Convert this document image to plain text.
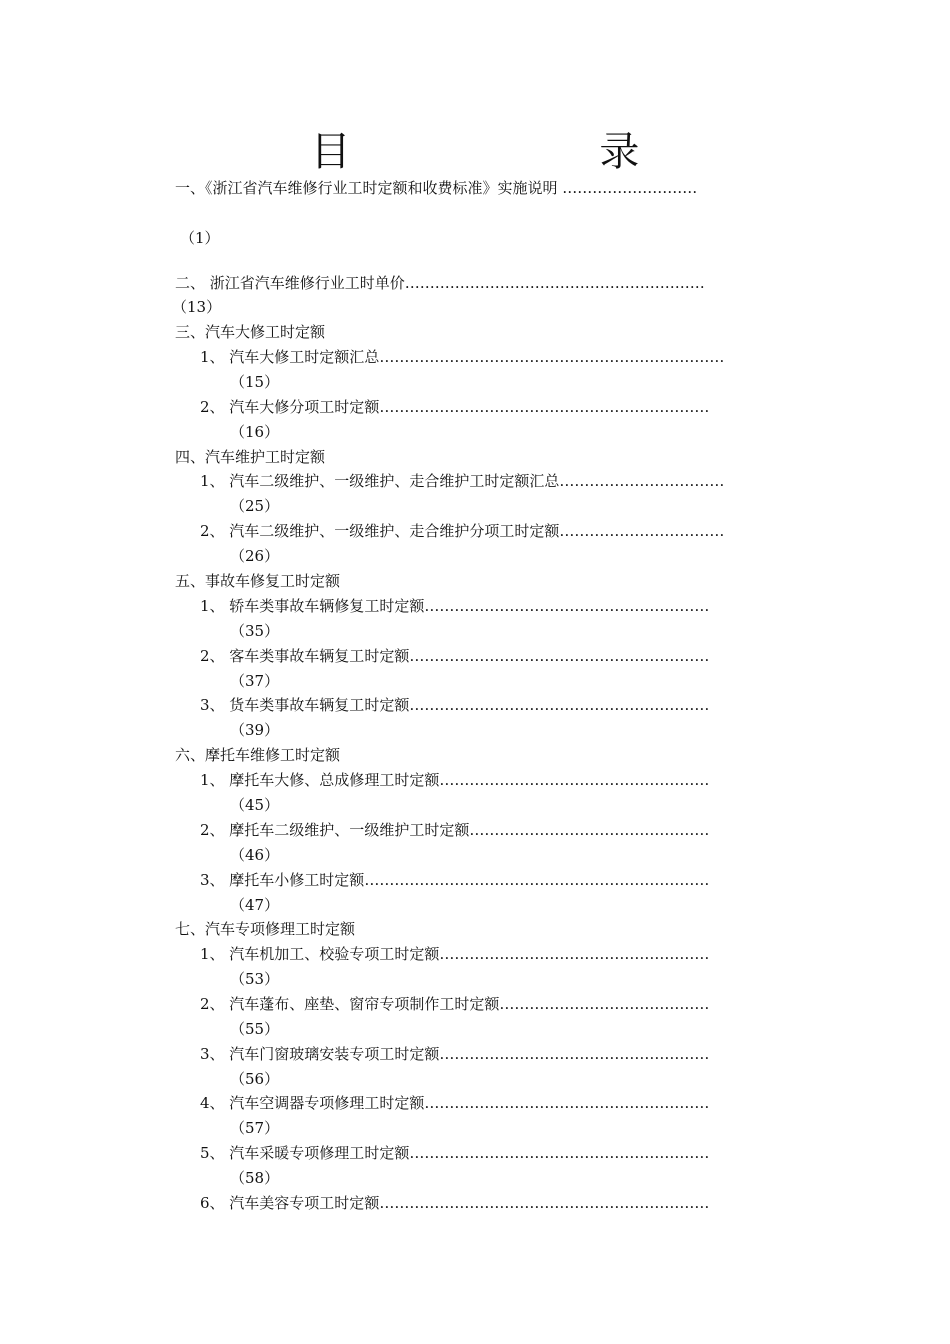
目 录
一、《浙江省汽车维修行业工时定额和收费标准》实施说明 ………………………
（1）
二、 浙江省汽车维修行业工时单价……………………………………………………
（13）
三、汽车大修工时定额
1、 汽车大修工时定额汇总……………………………………………………………
（15）
2、 汽车大修分项工时定额…………………………………………………………
（16）
四、汽车维护工时定额
1、 汽车二级维护、一级维护、走合维护工时定额汇总……………………………
（25）
2、 汽车二级维护、一级维护、走合维护分项工时定额……………………………
（26）
五、事故车修复工时定额
1、 轿车类事故车辆修复工时定额…………………………………………………
（35）
2、 客车类事故车辆复工时定额……………………………………………………
（37）
3、 货车类事故车辆复工时定额……………………………………………………
（39）
六、摩托车维修工时定额
1、 摩托车大修、总成修理工时定额………………………………………………
（45）
2、 摩托车二级维护、一级维护工时定额…………………………………………
（46）
3、 摩托车小修工时定额……………………………………………………………
（47）
七、汽车专项修理工时定额
1、 汽车机加工、校验专项工时定额………………………………………………
（53）
2、 汽车蓬布、座垫、窗帘专项制作工时定额……………………………………
（55）
3、 汽车门窗玻璃安装专项工时定额………………………………………………
（56）
4、 汽车空调器专项修理工时定额…………………………………………………
（57）
5、 汽车采暖专项修理工时定额……………………………………………………
（58）
6、 汽车美容专项工时定额…………………………………………………………
